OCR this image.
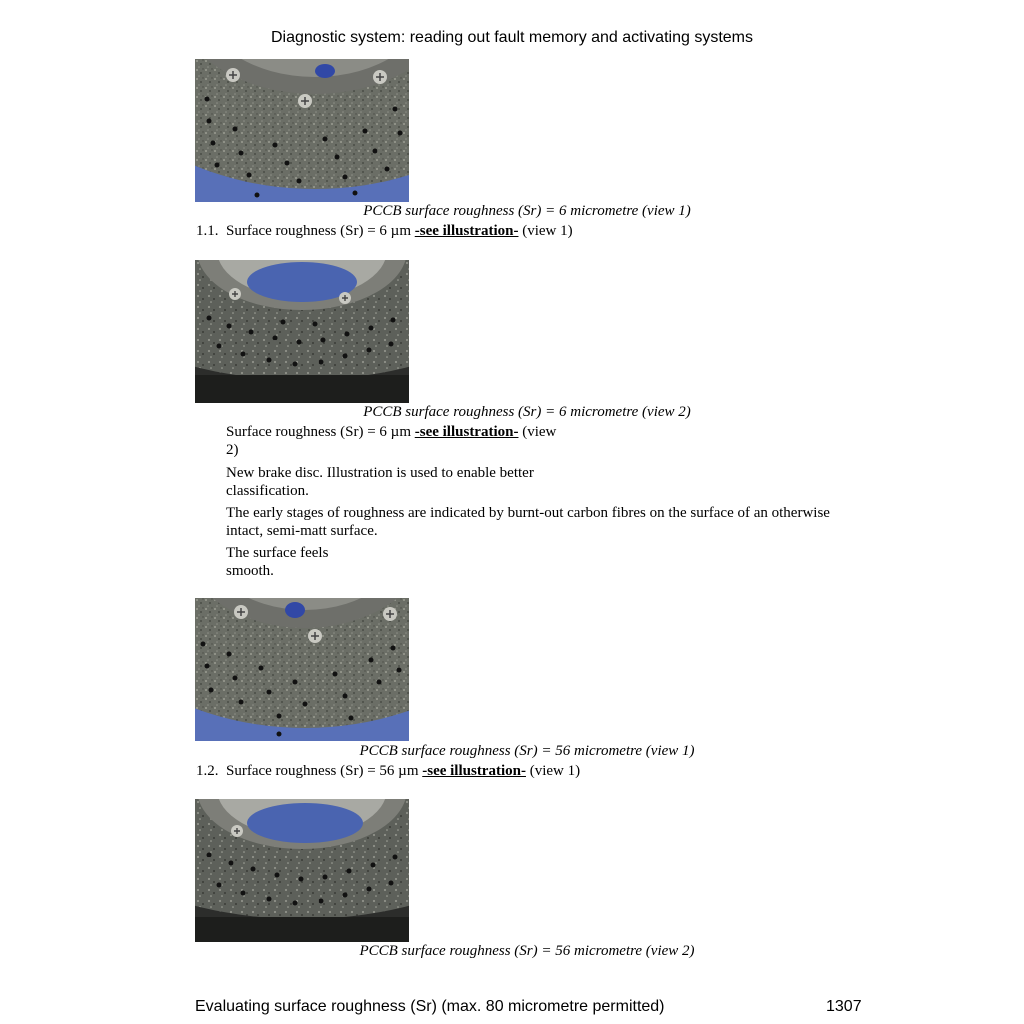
Diagnostic system: reading out fault memory and activating systems
PCCB surface roughness (Sr) = 6 micrometre (view 1)
1.1. Surface roughness (Sr) = 6 µm -see illustration- (view 1)
PCCB surface roughness (Sr) = 6 micrometre (view 2)
Surface roughness (Sr) = 6 µm -see illustration- (view
2)
New brake disc. Illustration is used to enable better
classification.
The early stages of roughness are indicated by burnt-out carbon fibres on the surface of an otherwise
intact, semi-matt surface.
The surface feels
smooth.
PCCB surface roughness (Sr) = 56 micrometre (view 1)
1.2. Surface roughness (Sr) = 56 µm -see illustration- (view 1)
PCCB surface roughness (Sr) = 56 micrometre (view 2)
Evaluating surface roughness (Sr) (max. 80 micrometre permitted)	1307
